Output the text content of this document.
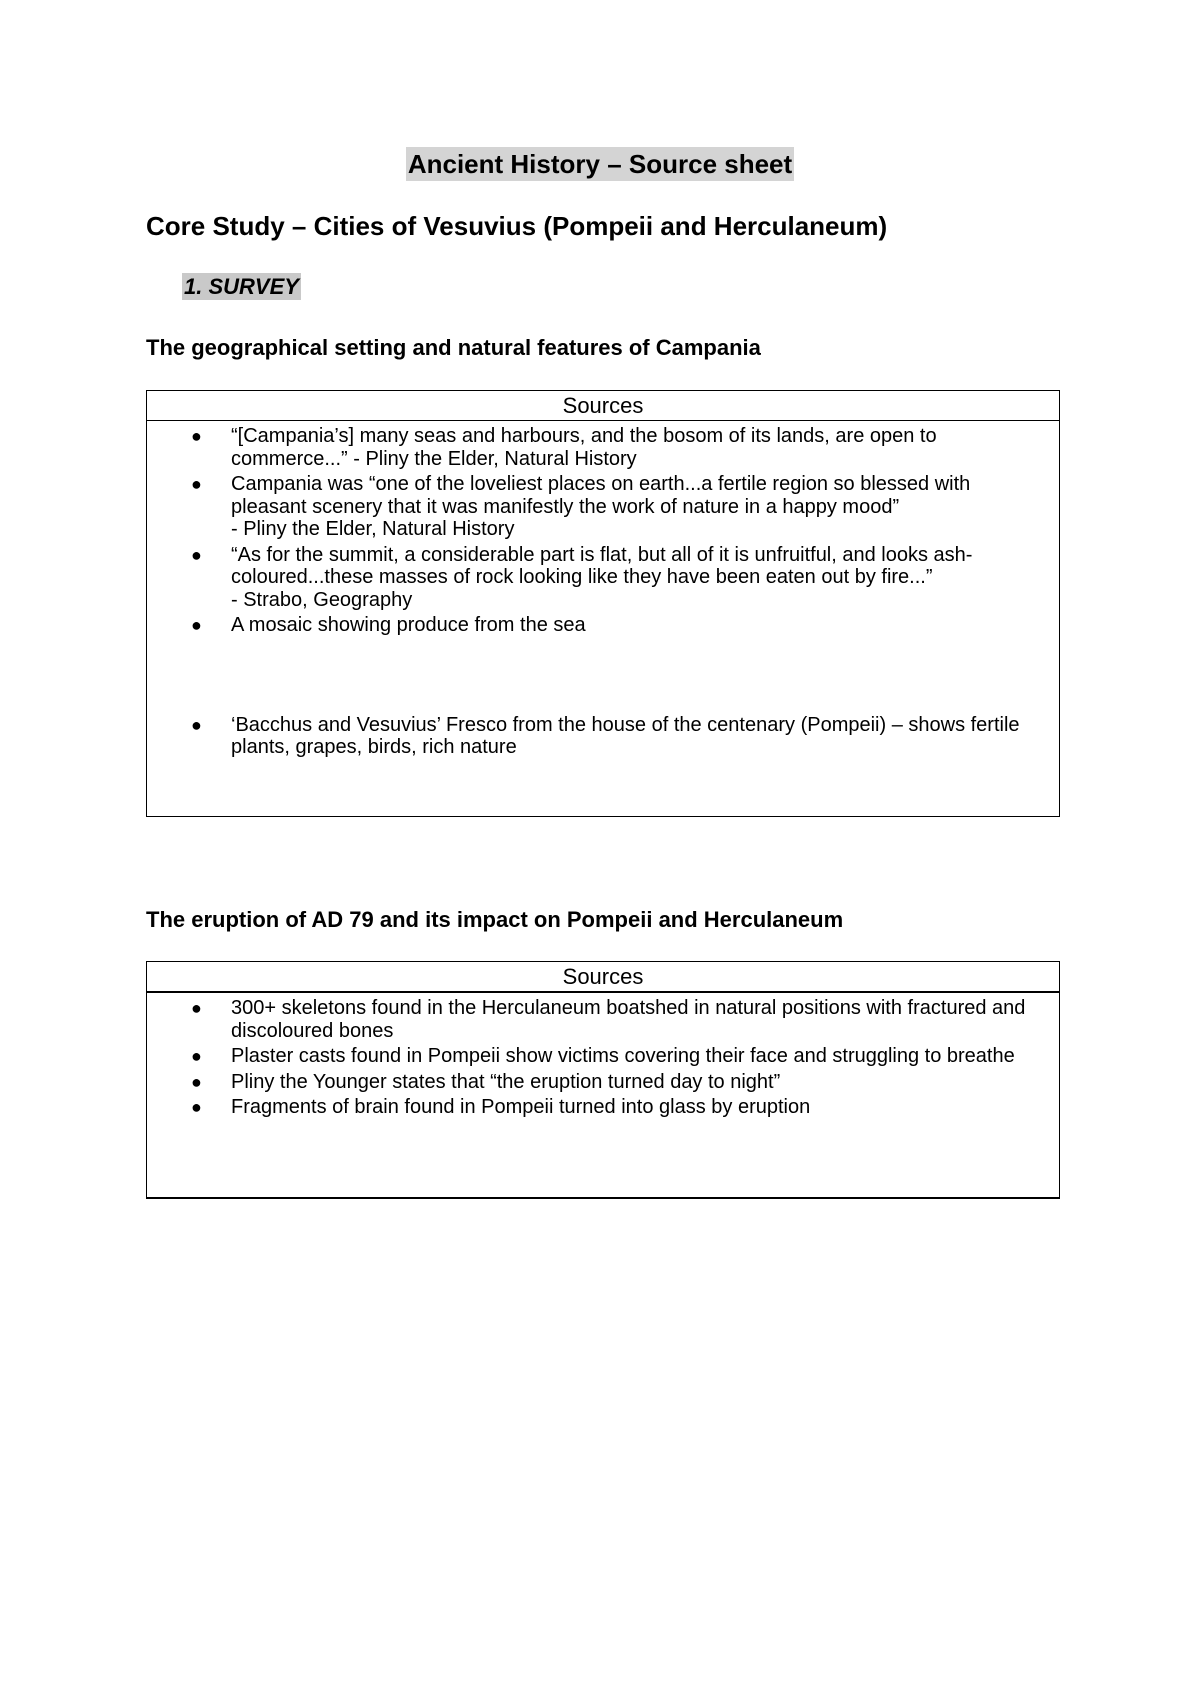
Ancient History – Source sheet
Core Study – Cities of Vesuvius (Pompeii and Herculaneum)
1. SURVEY
The geographical setting and natural features of Campania
Sources
● “[Campania’s] many seas and harbours, and the bosom of its lands, are open to commerce...” - Pliny the Elder, Natural History
● Campania was “one of the loveliest places on earth...a fertile region so blessed with pleasant scenery that it was manifestly the work of nature in a happy mood”
- Pliny the Elder, Natural History
● “As for the summit, a considerable part is flat, but all of it is unfruitful, and looks ash-coloured...these masses of rock looking like they have been eaten out by fire...”
- Strabo, Geography
● A mosaic showing produce from the sea
● ‘Bacchus and Vesuvius’ Fresco from the house of the centenary (Pompeii) – shows fertile plants, grapes, birds, rich nature
The eruption of AD 79 and its impact on Pompeii and Herculaneum
Sources
● 300+ skeletons found in the Herculaneum boatshed in natural positions with fractured and discoloured bones
● Plaster casts found in Pompeii show victims covering their face and struggling to breathe
● Pliny the Younger states that “the eruption turned day to night”
● Fragments of brain found in Pompeii turned into glass by eruption
